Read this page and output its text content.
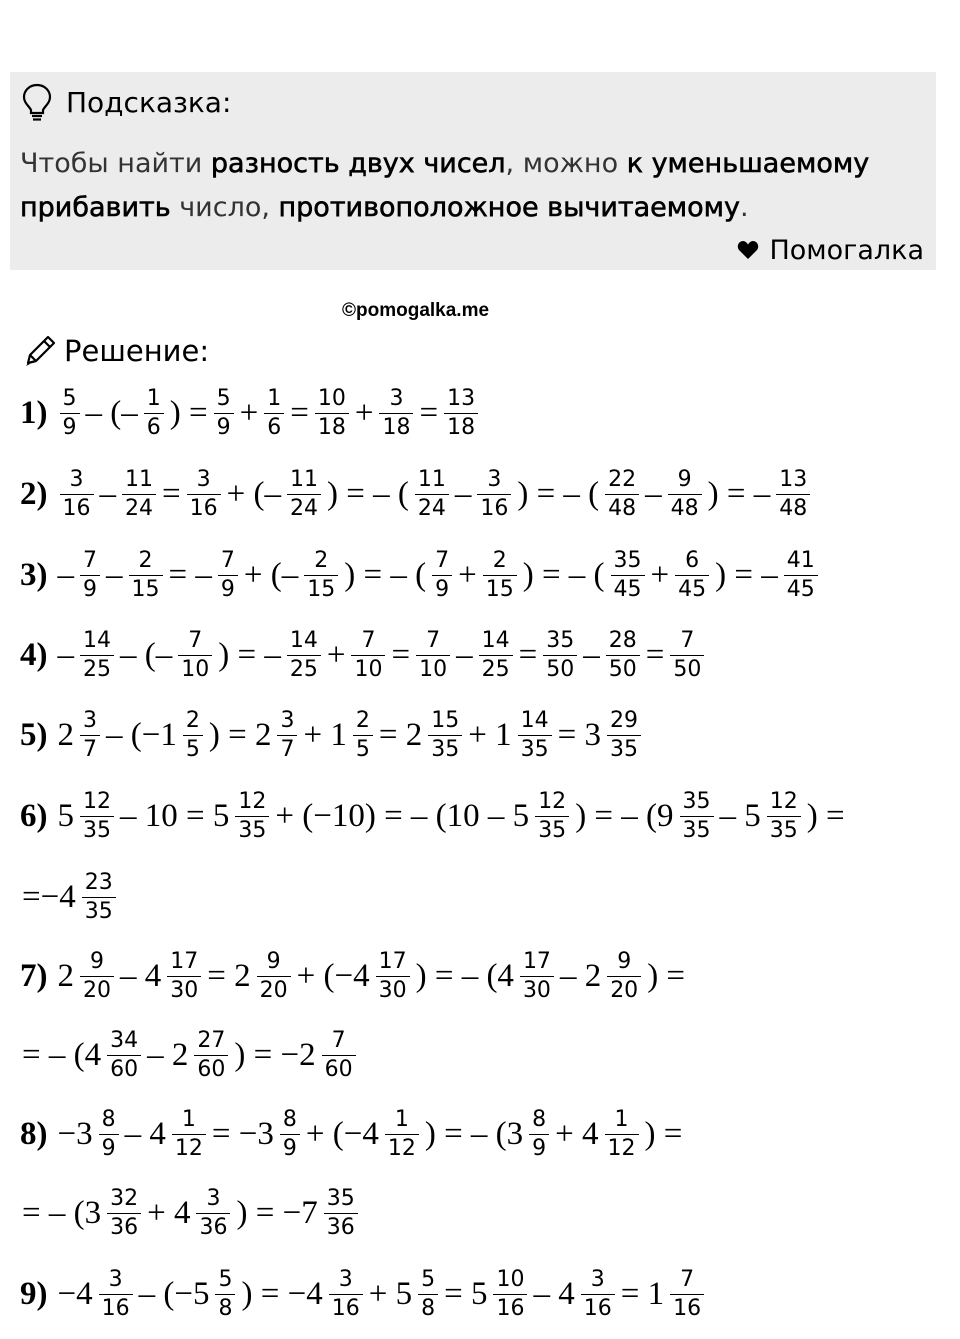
Подсказка:
Чтобы найти разность двух чисел, можно к уменьшаемому прибавить число, противоположное вычитаемому.
Помогалка
©pomogalka.me
Решение:
$1) \frac{5}{9}$ – (– $\frac{1}{6}$ ) = $\frac{5}{9} + \frac{1}{6} = \frac{10}{18} + \frac{3}{18} = \frac{13}{18}$
$2) \frac{3}{16} - \frac{11}{24} = \frac{3}{16}$ + (– $\frac{11}{24}$ ) = – ( $\frac{11}{24} - \frac{3}{16}$ ) = – ( $\frac{22}{48} - \frac{9}{48}$ ) = – $\frac{13}{48}$
$3) - \frac{7}{9} - \frac{2}{15}$ = – $\frac{7}{9}$ + (– $\frac{2}{15}$ ) = – ( $\frac{7}{9} + \frac{2}{15}$ ) = – ( $\frac{35}{45} + \frac{6}{45}$ ) = – $\frac{41}{45}$
$4) - \frac{14}{25}$ – (– $\frac{7}{10}$ ) = – $\frac{14}{25} + \frac{7}{10} = \frac{7}{10} - \frac{14}{25} = \frac{35}{50} - \frac{28}{50} = \frac{7}{50}$
5) $2 \frac{3}{7} - (-1 \frac{2}{5}$ ) = $2 \frac{3}{7} + 1 \frac{2}{5} = 2 \frac{15}{35} + 1 \frac{14}{35} = 3 \frac{29}{35}$
6) $5 \frac{12}{35} - 10 = 5 \frac{12}{35} + (-10)$ = – ($10 - 5 \frac{12}{35}$ ) = – ($9 \frac{35}{35} - 5 \frac{12}{35}$ ) =
$=-4 \frac{23}{35}$
7) $2 \frac{9}{20} - 4 \frac{17}{30} = 2 \frac{9}{20} + (-4 \frac{17}{30}$ ) = – ($4 \frac{17}{30} - 2 \frac{9}{20}$ ) =
= – ($4 \frac{34}{60} - 2 \frac{27}{60}$ ) = $-2 \frac{7}{60}$
$8) -3 \frac{8}{9} - 4 \frac{1}{12} = -3 \frac{8}{9} + (-4 \frac{1}{12}$ ) = – ($3 \frac{8}{9} + 4 \frac{1}{12}$ ) =
= – ($3 \frac{32}{36} + 4 \frac{3}{36}$ ) = $-7 \frac{35}{36}$
$9) -4 \frac{3}{16} - (-5 \frac{5}{8}$ ) = $-4 \frac{3}{16} + 5 \frac{5}{8} = 5 \frac{10}{16} - 4 \frac{3}{16} = 1 \frac{7}{16}$
